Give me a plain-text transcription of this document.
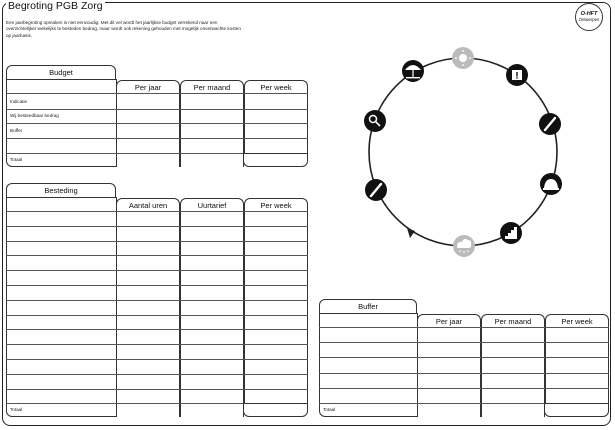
Begroting PGB Zorg
Een jaarbegroting opmaken is niet eenvoudig. Met dit vel wordt het jaarlijkse budget verrekend naar een overzichtelijker wekelijks te besteden bedrag, maar wordt ook rekening gehouden met mogelijk onverwachte kosten op jaarbasis.
O-HFT
Ontwerpen
Budget
Per jaar	Per maand	Per week
Indicatie
Wij besteedbaar bedrag
Buffer
Totaal
Besteding
Aantal uren	Uurtarief	Per week
Totaal
Buffer
Per jaar	Per maand	Per week
Totaal
